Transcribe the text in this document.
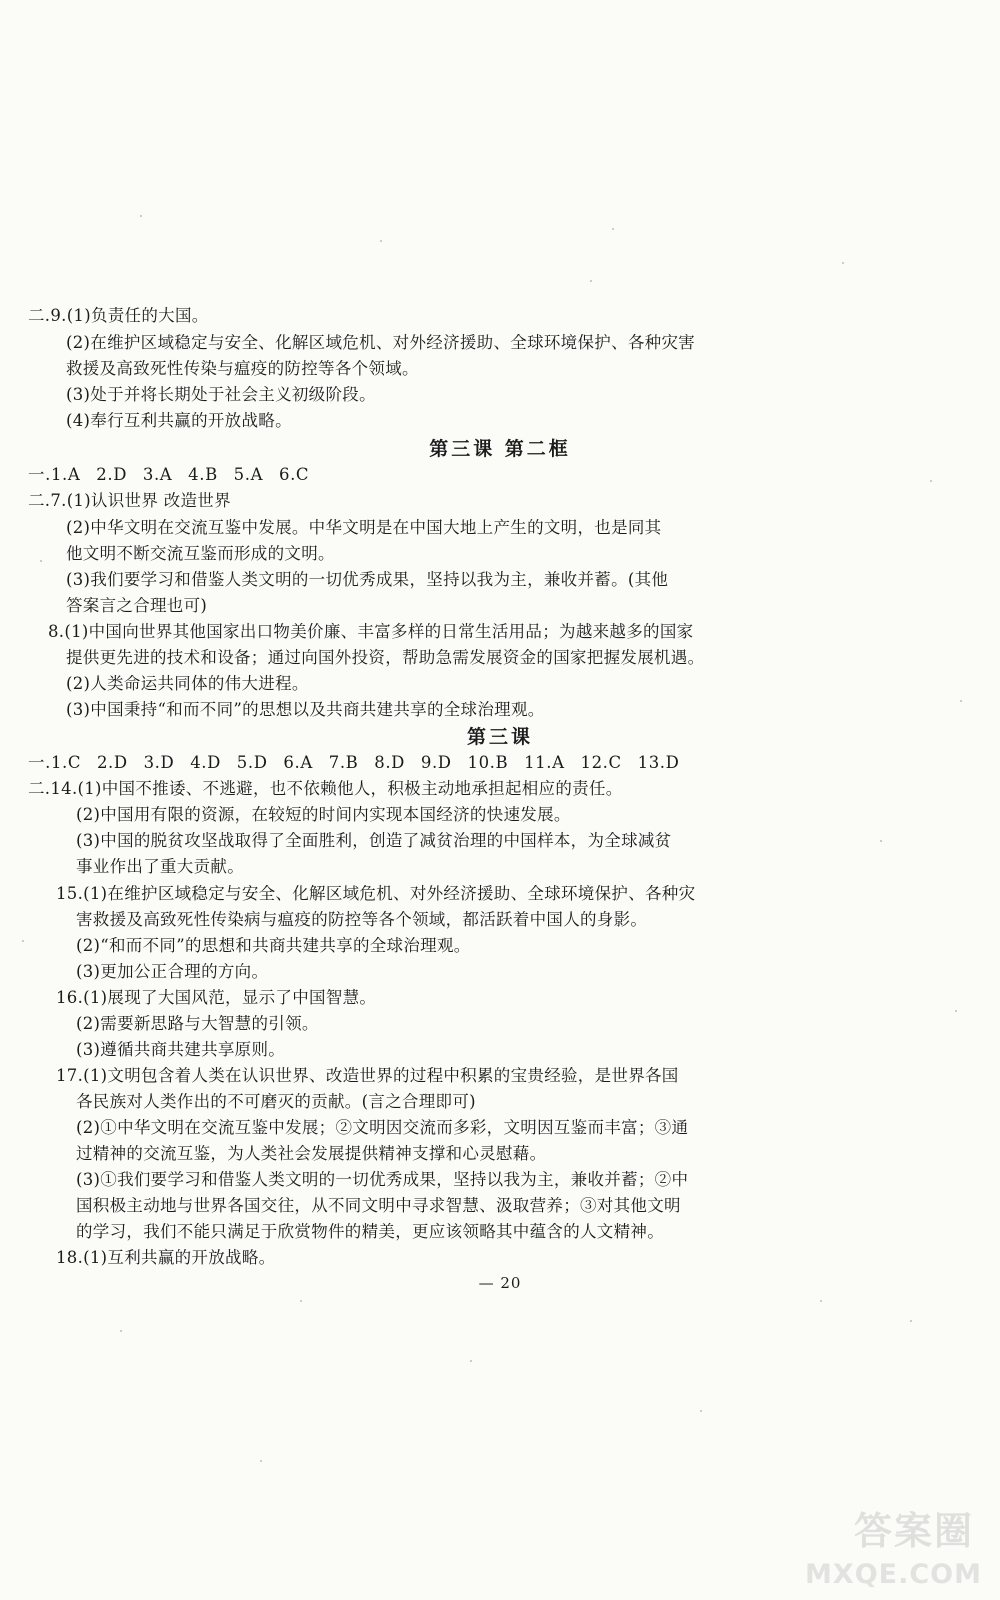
二.9.(1)负责任的大国。
(2)在维护区域稳定与安全、化解区域危机、对外经济援助、全球环境保护、各种灾害
救援及高致死性传染与瘟疫的防控等各个领域。
(3)处于并将长期处于社会主义初级阶段。
(4)奉行互利共赢的开放战略。
一.1.A 2.D 3.A 4.B 5.A 6.C
二.7.(1)认识世界 改造世界
(2)中华文明在交流互鉴中发展。中华文明是在中国大地上产生的文明，也是同其
他文明不断交流互鉴而形成的文明。
(3)我们要学习和借鉴人类文明的一切优秀成果，坚持以我为主，兼收并蓄。(其他
答案言之合理也可)
8.(1)中国向世界其他国家出口物美价廉、丰富多样的日常生活用品；为越来越多的国家
提供更先进的技术和设备；通过向国外投资，帮助急需发展资金的国家把握发展机遇。
(2)人类命运共同体的伟大进程。
(3)中国秉持“和而不同”的思想以及共商共建共享的全球治理观。
一.1.C 2.D 3.D 4.D 5.D 6.A 7.B 8.D 9.D 10.B 11.A 12.C 13.D
二.14.(1)中国不推诿、不逃避，也不依赖他人，积极主动地承担起相应的责任。
(2)中国用有限的资源，在较短的时间内实现本国经济的快速发展。
(3)中国的脱贫攻坚战取得了全面胜利，创造了减贫治理的中国样本，为全球减贫
事业作出了重大贡献。
15.(1)在维护区域稳定与安全、化解区域危机、对外经济援助、全球环境保护、各种灾
害救援及高致死性传染病与瘟疫的防控等各个领域，都活跃着中国人的身影。
(2)“和而不同”的思想和共商共建共享的全球治理观。
(3)更加公正合理的方向。
16.(1)展现了大国风范，显示了中国智慧。
(2)需要新思路与大智慧的引领。
(3)遵循共商共建共享原则。
17.(1)文明包含着人类在认识世界、改造世界的过程中积累的宝贵经验，是世界各国
各民族对人类作出的不可磨灭的贡献。(言之合理即可)
(2)①中华文明在交流互鉴中发展；②文明因交流而多彩，文明因互鉴而丰富；③通
过精神的交流互鉴，为人类社会发展提供精神支撑和心灵慰藉。
(3)①我们要学习和借鉴人类文明的一切优秀成果，坚持以我为主，兼收并蓄；②中
国积极主动地与世界各国交往，从不同文明中寻求智慧、汲取营养；③对其他文明
的学习，我们不能只满足于欣赏物件的精美，更应该领略其中蕴含的人文精神。
18.(1)互利共赢的开放战略。
第三课 第二框
第三课
— 20
答案圈
MXQE.COM
